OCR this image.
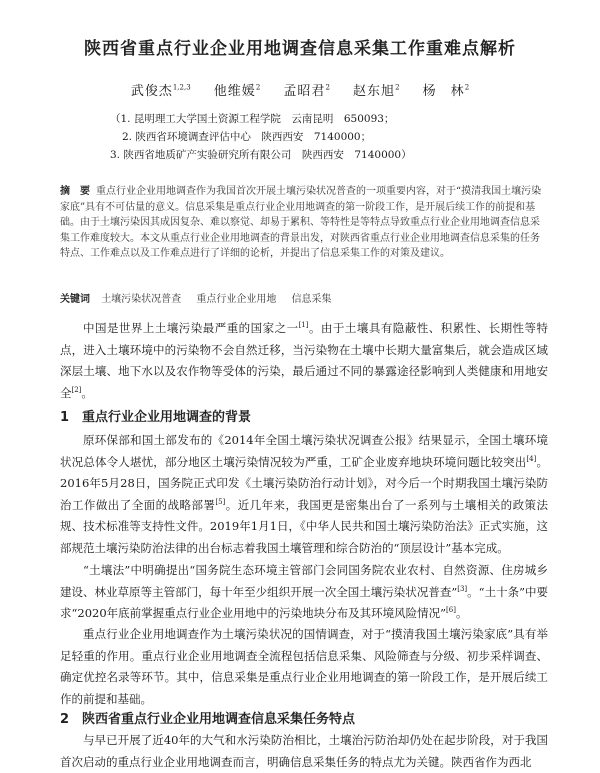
陕西省重点行业企业用地调查信息采集工作重难点解析
武俊杰$^{1,2,3}$ 他维媛$^2$ 孟昭君$^2$ 赵东旭$^2$ 杨　林$^2$
（1. 昆明理工大学国土资源工程学院　云南昆明　650093；
2. 陕西省环境调查评估中心　陕西西安　7140000；
3. 陕西省地质矿产实验研究所有限公司　陕西西安　7140000）
摘　要 重点行业企业用地调查作为我国首次开展土壤污染状况普查的一项重要内容，对于“摸清我国土壤污染家底”具有不可估量的意义。信息采集是重点行业企业用地调查的第一阶段工作，是开展后续工作的前提和基础。由于土壤污染因其成因复杂、难以察觉、却易于累积、等特性是等特点导致重点行业企业用地调查信息采集工作难度较大。本文从重点行业企业用地调查的背景出发，对陕西省重点行业企业用地调查信息采集的任务特点、工作难点以及工作难点进行了详细的论析，并提出了信息采集工作的对策及建议。
关键词 土壤污染状况普查 重点行业企业用地 信息采集
中国是世界上土壤污染最严重的国家之一[1]。由于土壤具有隐蔽性、积累性、长期性等特点，进入土壤环境中的污染物不会自然迁移，当污染物在土壤中长期大量富集后，就会造成区域深层土壤、地下水以及农作物等受体的污染，最后通过不同的暴露途径影响到人类健康和用地安全[2]。
1 重点行业企业用地调查的背景
原环保部和国土部发布的《2014年全国土壤污染状况调查公报》结果显示，全国土壤环境状况总体令人堪忧，部分地区土壤污染情况较为严重，工矿企业废弃地块环境问题比较突出[4]。2016年5月28日，国务院正式印发《土壤污染防治行动计划》，对今后一个时期我国土壤污染防治工作做出了全面的战略部署[5]。近几年来，我国更是密集出台了一系列与土壤相关的政策法规、技术标准等支持性文件。2019年1月1日，《中华人民共和国土壤污染防治法》正式实施，这部规范土壤污染防治法律的出台标志着我国土壤管理和综合防治的“顶层设计”基本完成。
“土壤法”中明确提出“国务院生态环境主管部门会同国务院农业农村、自然资源、住房城乡建设、林业草原等主管部门，每十年至少组织开展一次全国土壤污染状况普查”[3]。“土十条”中要求“2020年底前掌握重点行业企业用地中的污染地块分布及其环境风险情况”[6]。
重点行业企业用地调查作为土壤污染状况的国情调查，对于“摸清我国土壤污染家底”具有举足轻重的作用。重点行业企业用地调查全流程包括信息采集、风险筛查与分级、初步采样调查、确定优控名录等环节。其中，信息采集是重点行业企业用地调查的第一阶段工作，是开展后续工作的前提和基础。
2 陕西省重点行业企业用地调查信息采集任务特点
与早已开展了近40年的大气和水污染防治相比，土壤治污防治却仍处在起步阶段，对于我国首次启动的重点行业企业用地调查而言，明确信息采集任务的特点尤为关键。陕西省作为西北
